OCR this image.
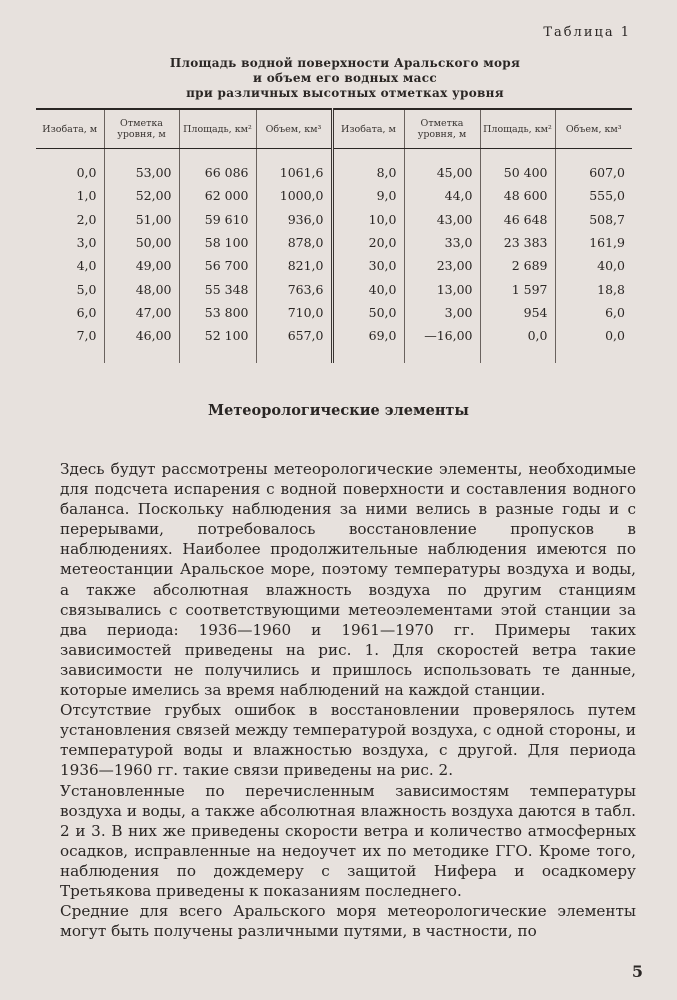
Таблица 1
Площадь водной поверхности Аральского моря
и объем его водных масс
при различных высотных отметках уровня
Изобата, м	Отметка уровня, м	Площадь, км²	Объем, км³	Изобата, м	Отметка уровня, м	Площадь, км²	Объем, км³
0,0	53,00	66 086	1061,6	8,0	45,00	50 400	607,0
1,0	52,00	62 000	1000,0	9,0	44,0	48 600	555,0
2,0	51,00	59 610	936,0	10,0	43,00	46 648	508,7
3,0	50,00	58 100	878,0	20,0	33,0	23 383	161,9
4,0	49,00	56 700	821,0	30,0	23,00	2 689	40,0
5,0	48,00	55 348	763,6	40,0	13,00	1 597	18,8
6,0	47,00	53 800	710,0	50,0	3,00	954	6,0
7,0	46,00	52 100	657,0	69,0	—16,00	0,0	0,0
Метеорологические элементы

Здесь будут рассмотрены метеорологические элементы, необходимые для подсчета испарения с водной поверхности и составления водного баланса. Поскольку наблюдения за ними велись в разные годы и с перерывами, потребовалось восстановление пропусков в наблюдениях. Наиболее продолжительные наблюдения имеются по метеостанции Аральское море, поэтому температуры воздуха и воды, а также абсолютная влажность воздуха по другим станциям связывались с соответствующими метеоэлементами этой станции за два периода: 1936—1960 и 1961—1970 гг. Примеры таких зависимостей приведены на рис. 1. Для скоростей ветра такие зависимости не получились и пришлось использовать те данные, которые имелись за время наблюдений на каждой станции.

Отсутствие грубых ошибок в восстановлении проверялось путем установления связей между температурой воздуха, с одной стороны, и температурой воды и влажностью воздуха, с другой. Для периода 1936—1960 гг. такие связи приведены на рис. 2.

Установленные по перечисленным зависимостям температуры воздуха и воды, а также абсолютная влажность воздуха даются в табл. 2 и 3. В них же приведены скорости ветра и количество атмосферных осадков, исправленные на недоучет их по методике ГГО. Кроме того, наблюдения по дождемеру с защитой Нифера и осадкомеру Третьякова приведены к показаниям последнего.

Средние для всего Аральского моря метеорологические элементы могут быть получены различными путями, в частности, по

5
